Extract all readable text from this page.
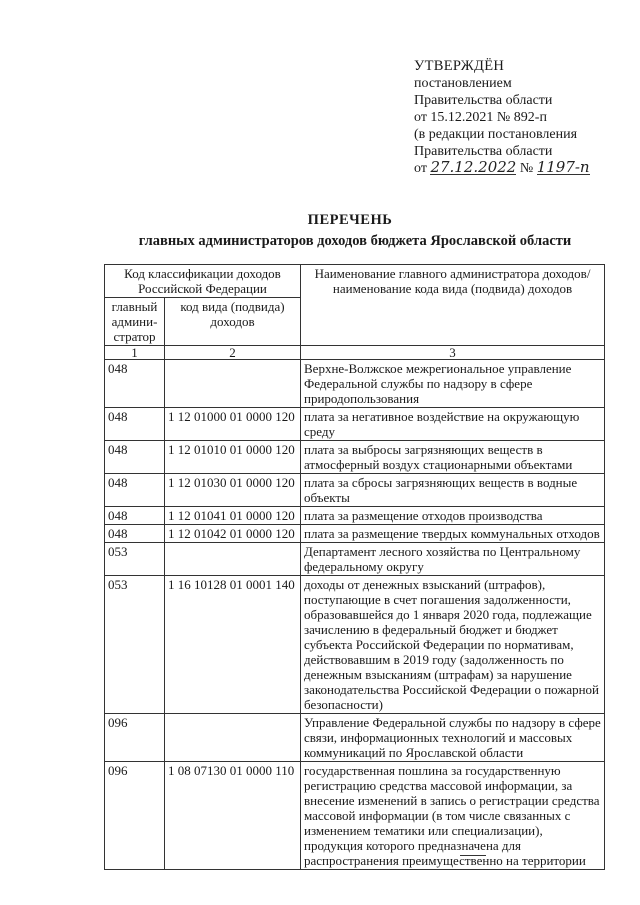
УТВЕРЖДЁН
постановлением
Правительства области
от 15.12.2021 № 892-п
(в редакции постановления
Правительства области
от 27.12.2022 № 1197-п
ПЕРЕЧЕНЬ
главных администраторов доходов бюджета Ярославской области
Код классификации доходов Российской Федерации		Наименование главного администратора доходов/наименование кода вида (подвида) доходов
главный админи-стратор	код вида (подвида) доходов	
1	2	3
048		Верхне-Волжское межрегиональное управление Федеральной службы по надзору в сфере природопользования
048	1 12 01000 01 0000 120	плата за негативное воздействие на окружающую среду
048	1 12 01010 01 0000 120	плата за выбросы загрязняющих веществ в атмосферный воздух стационарными объектами
048	1 12 01030 01 0000 120	плата за сбросы загрязняющих веществ в водные объекты
048	1 12 01041 01 0000 120	плата за размещение отходов производства
048	1 12 01042 01 0000 120	плата за размещение твердых коммунальных отходов
053		Департамент лесного хозяйства по Центральному федеральному округу
053	1 16 10128 01 0001 140	доходы от денежных взысканий (штрафов), поступающие в счет погашения задолженности, образовавшейся до 1 января 2020 года, подлежащие зачислению в федеральный бюджет и бюджет субъекта Российской Федерации по нормативам, действовавшим в 2019 году (задолженность по денежным взысканиям (штрафам) за нарушение законодательства Российской Федерации о пожарной безопасности)
096		Управление Федеральной службы по надзору в сфере связи, информационных технологий и массовых коммуникаций по Ярославской области
096	1 08 07130 01 0000 110	государственная пошлина за государственную регистрацию средства массовой информации, за внесение изменений в запись о регистрации средства массовой информации (в том числе связанных с изменением тематики или специализации), продукция которого предназначена для распространения преимущественно на территории
